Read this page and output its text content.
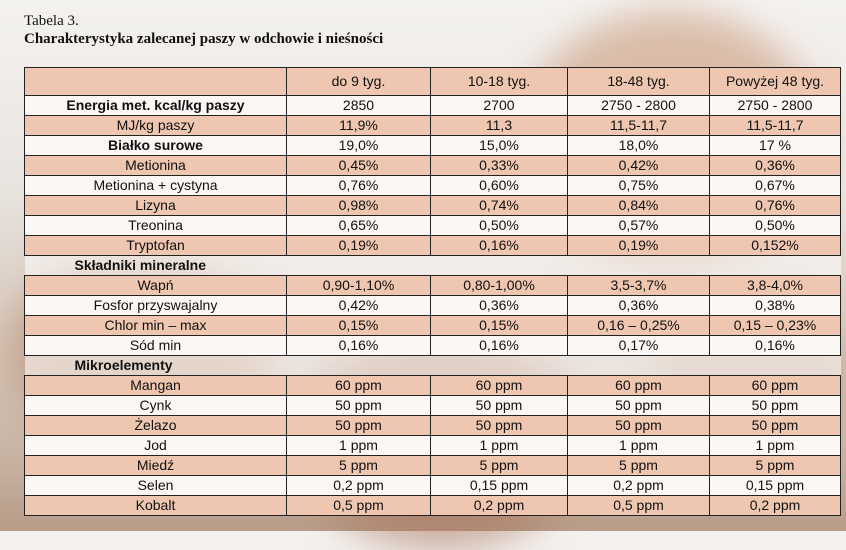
Tabela 3.
Charakterystyka zalecanej paszy w odchowie i nieśności
	do 9 tyg.	10-18 tyg.	18-48 tyg.	Powyżej 48 tyg.
Energia met. kcal/kg paszy	2850	2700	2750 - 2800	2750 - 2800
MJ/kg paszy	11,9%	11,3	11,5-11,7	11,5-11,7
Białko surowe	19,0%	15,0%	18,0%	17 %
Metionina	0,45%	0,33%	0,42%	0,36%
Metionina + cystyna	0,76%	0,60%	0,75%	0,67%
Lizyna	0,98%	0,74%	0,84%	0,76%
Treonina	0,65%	0,50%	0,57%	0,50%
Tryptofan	0,19%	0,16%	0,19%	0,152%
Składniki mineralne				
Wapń	0,90-1,10%	0,80-1,00%	3,5-3,7%	3,8-4,0%
Fosfor przyswajalny	0,42%	0,36%	0,36%	0,38%
Chlor min – max	0,15%	0,15%	0,16 – 0,25%	0,15 – 0,23%
Sód min	0,16%	0,16%	0,17%	0,16%
Mikroelementy				
Mangan	60 ppm	60 ppm	60 ppm	60 ppm
Cynk	50 ppm	50 ppm	50 ppm	50 ppm
Żelazo	50 ppm	50 ppm	50 ppm	50 ppm
Jod	1 ppm	1 ppm	1 ppm	1 ppm
Miedź	5 ppm	5 ppm	5 ppm	5 ppm
Selen	0,2 ppm	0,15 ppm	0,2 ppm	0,15 ppm
Kobalt	0,5 ppm	0,2 ppm	0,5 ppm	0,2 ppm
